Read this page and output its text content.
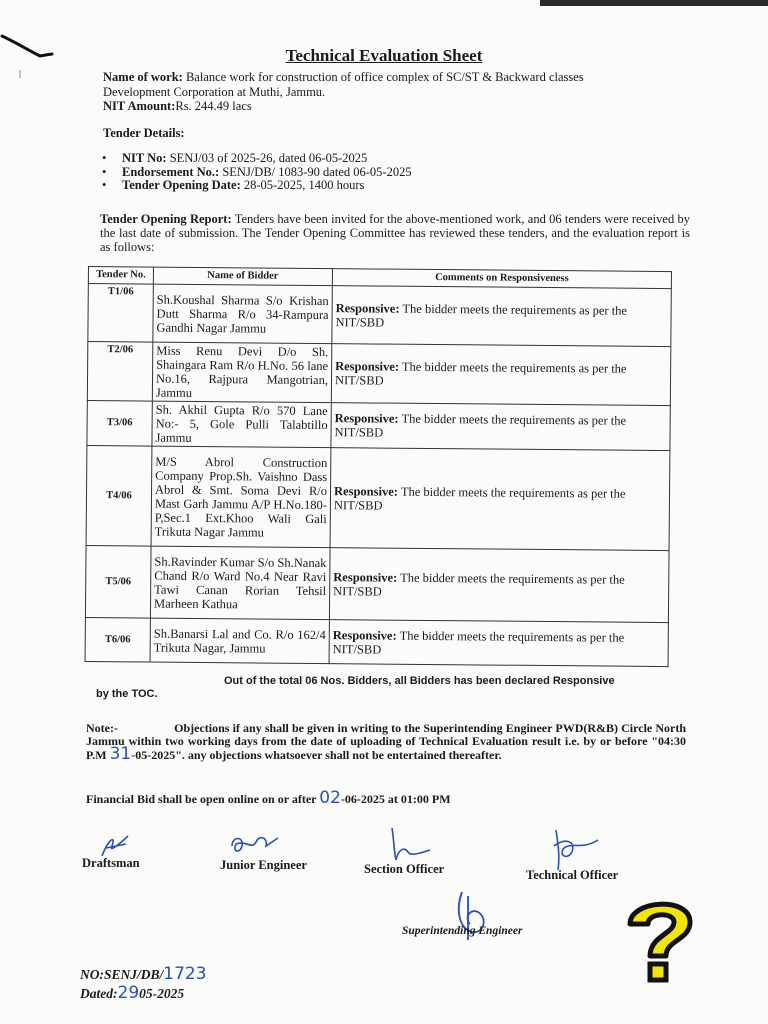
Technical Evaluation Sheet
Name of work: Balance work for construction of office complex of SC/ST & Backward classes
Development Corporation at Muthi, Jammu.
NIT Amount:Rs. 244.49 lacs
Tender Details:
• NIT No: SENJ/03 of 2025-26, dated 06-05-2025
• Endorsement No.: SENJ/DB/ 1083-90 dated 06-05-2025
• Tender Opening Date: 28-05-2025, 1400 hours
Tender Opening Report: Tenders have been invited for the above-mentioned work, and 06 tenders were received by the last date of submission. The Tender Opening Committee has reviewed these tenders, and the evaluation report is as follows:
Tender No.	Name of Bidder	Comments on Responsiveness
T1/06	Sh.Koushal Sharma S/o Krishan Dutt Sharma R/o 34-Rampura Gandhi Nagar Jammu	Responsive: The bidder meets the requirements as per the NIT/SBD
T2/06	Miss Renu Devi D/o Sh. Shaingara Ram R/o H.No. 56 lane No.16, Rajpura Mangotrian, Jammu	Responsive: The bidder meets the requirements as per the NIT/SBD
T3/06	Sh. Akhil Gupta R/o 570 Lane No:- 5, Gole Pulli Talabtillo Jammu	Responsive: The bidder meets the requirements as per the NIT/SBD
T4/06	M/S Abrol Construction Company Prop.Sh. Vaishno Dass Abrol & Smt. Soma Devi R/o Mast Garh Jammu A/P H.No.180-P,Sec.1 Ext.Khoo Wali Gali Trikuta Nagar Jammu	Responsive: The bidder meets the requirements as per the NIT/SBD
T5/06	Sh.Ravinder Kumar S/o Sh.Nanak Chand R/o Ward No.4 Near Ravi Tawi Canan Rorian Tehsil Marheen Kathua	Responsive: The bidder meets the requirements as per the NIT/SBD
T6/06	Sh.Banarsi Lal and Co. R/o 162/4 Trikuta Nagar, Jammu	Responsive: The bidder meets the requirements as per the NIT/SBD
Out of the total 06 Nos. Bidders, all Bidders has been declared Responsive
by the TOC.
Note:-	Objections if any shall be given in writing to the Superintending Engineer PWD(R&B) Circle North Jammu within two working days from the date of uploading of Technical Evaluation result i.e. by or before "04:30 P.M 31-05-2025". any objections whatsoever shall not be entertained thereafter.
Financial Bid shall be open online on or after 02-06-2025 at 01:00 PM
Draftsman	Junior Engineer	Section Officer	Technical Officer
Superintending Engineer
NO:SENJ/DB/1723
Dated:2905-2025
